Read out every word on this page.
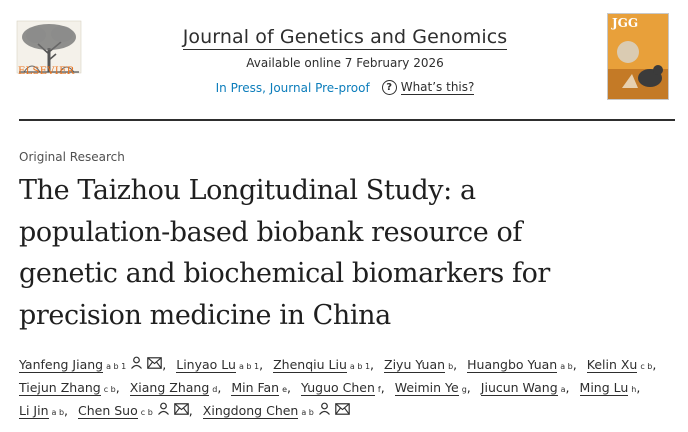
ELSEVIER
Journal of Genetics and Genomics
Available online 7 February 2026
In Press, Journal Pre-proof	? What’s this?
JGG
Original Research
The Taizhou Longitudinal Study: a
population-based biobank resource of
genetic and biochemical biomarkers for
precision medicine in China
Yanfeng Jiang a b 1	, Linyao Lu a b 1 , Zhenqiu Liu a b 1 , Ziyu Yuan b , Huangbo Yuan a b , Kelin Xu c b ,
Tiejun Zhang c b , Xiang Zhang d , Min Fan e , Yuguo Chen f , Weimin Ye g , Jiucun Wang a , Ming Lu h ,
Li Jin a b , Chen Suo c b	, Xingdong Chen a b
